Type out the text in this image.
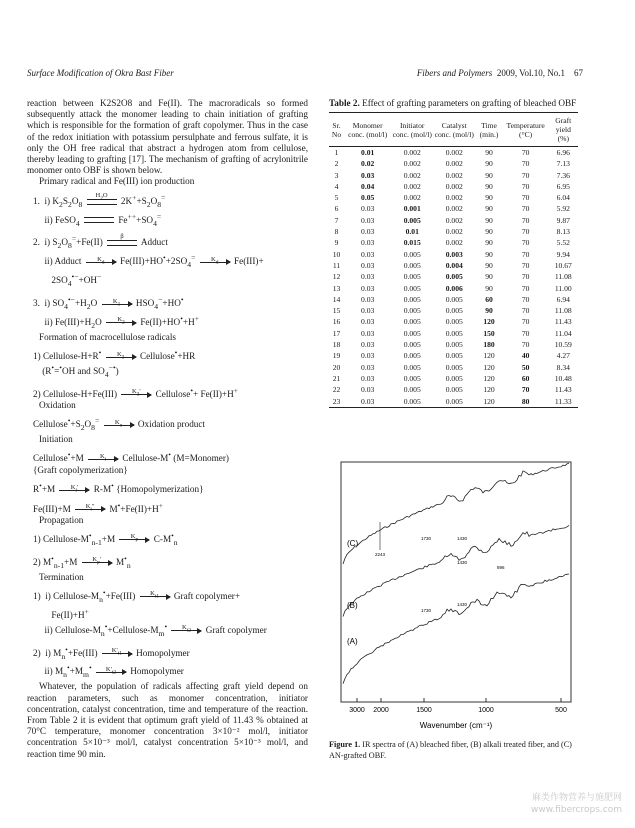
Surface Modification of Okra Bast Fiber	Fibers and Polymers 2009, Vol.10, No.1 67

reaction between K2S2O8 and Fe(II). The macroradicals so formed subsequently attack the monomer leading to chain initiation of grafting which is responsible for the formation of graft copolymer. Thus in the case of the redox initiation with potassium persulphate and ferrous sulfate, it is only the OH free radical that abstract a hydrogen atom from cellulose, thereby leading to grafting [17]. The mechanism of grafting of acrylonitrile monomer onto OBF is shown below.

Primary radical and Fe(III) ion production

1.  i) $K_2S_2O_8$
$H_2O$
$2K^++S_2O_8^=$
ii) FeSO$_4$	$Fe^{++}+SO_4^=$
2.  i) $S_2O_8^=+Fe(II)$
β
Adduct
ii) Adduct	$K_d$	$Fe(III)+HO^•+2SO_4^=$	$K_d$	Fe(III)+
$2SO_4^{•-}+OH^-$
3.  i) $SO_4^{•-}+H_2O$	$K_1$	$HSO_4^-+HO^•$
ii) $Fe(III)+H_2O$	$K_2$	Fe(II)+HO•+H+

Formation of macrocellulose radicals

1) Cellulose-H+R•	$K_3$	Cellulose•+HR
(R•=•OH and $SO_4^{-•}$)
2) Cellulose-H+Fe(III)	$K_3'$	Cellulose•+ Fe(II)+H+

Oxidation

$Cellulose^•+S_2O_8^=$	$K_o$	Oxidation product

Initiation

Cellulose•+M	$K_i$	Cellulose-M• (M=Monomer)
{Graft copolymerization}
R•+M	$K_i'$	R-M• {Homopolymerization}
Fe(III)+M	$K_i$"	M•+Fe(II)+H+

Propagation

1) Cellulose-$M^•_{n-1}+M$	$K_p$	$C-M^•_n$
2) $M^•_{n-1}+M$	$K_p'$	$M^•_n$

Termination

1)  i) Cellulose-$M_n^•+Fe(III)$	$K_{t1}$	Graft copolymer+
Fe(II)+H+
ii) Cellulose-$M_n^•+Cellulose-M_m^•$	$K_{t2}$	Graft copolymer
2)  i) $M_n^•+Fe(III)$	$K'_{t1}$	Homopolymer
ii) $M_n^•+M_m^•$	$K'_{t2}$	Homopolymer

Whatever, the population of radicals affecting graft yield depend on reaction parameters, such as monomer concentration, initiator concentration, catalyst concentration, time and temperature of the reaction. From Table 2 it is evident that optimum graft yield of 11.43 % obtained at 70°C temperature, monomer concentration 3×10⁻² mol/l, initiator concentration 5×10⁻³ mol/l, catalyst concentration 5×10⁻³ mol/l, and reaction time 90 min.

Table 2. Effect of grafting parameters on grafting of bleached OBF
Sr. No	Monomer conc. (mol/l)	Initiator conc. (mol/l)	Catalyst conc. (mol/l)	Time (min.)	Temperature (°C)	Graft yield (%)
1	0.01	0.002	0.002	90	70	6.96
2	0.02	0.002	0.002	90	70	7.13
3	0.03	0.002	0.002	90	70	7.36
4	0.04	0.002	0.002	90	70	6.95
5	0.05	0.002	0.002	90	70	6.04
6	0.03	0.001	0.002	90	70	5.92
7	0.03	0.005	0.002	90	70	9.87
8	0.03	0.01	0.002	90	70	8.13
9	0.03	0.015	0.002	90	70	5.52
10	0.03	0.005	0.003	90	70	9.94
11	0.03	0.005	0.004	90	70	10.67
12	0.03	0.005	0.005	90	70	11.08
13	0.03	0.005	0.006	90	70	11.00
14	0.03	0.005	0.005	60	70	6.94
15	0.03	0.005	0.005	90	70	11.08
16	0.03	0.005	0.005	120	70	11.43
17	0.03	0.005	0.005	150	70	11.04
18	0.03	0.005	0.005	180	70	10.59
19	0.03	0.005	0.005	120	40	4.27
20	0.03	0.005	0.005	120	50	8.34
21	0.03	0.005	0.005	120	60	10.48
22	0.03	0.005	0.005	120	70	11.43
23	0.03	0.005	0.005	120	80	11.33
3000 2000	1500	1000	500
Wavenumber (cm⁻¹)
(C)
(B)
(A)
2243
1730	1430
1430
896
1730
1430
Figure 1. IR spectra of (A) bleached fiber, (B) alkali treated fiber, and (C) AN-grafted OBF.
麻类作物营养与施肥网
www.fibercrops.com
